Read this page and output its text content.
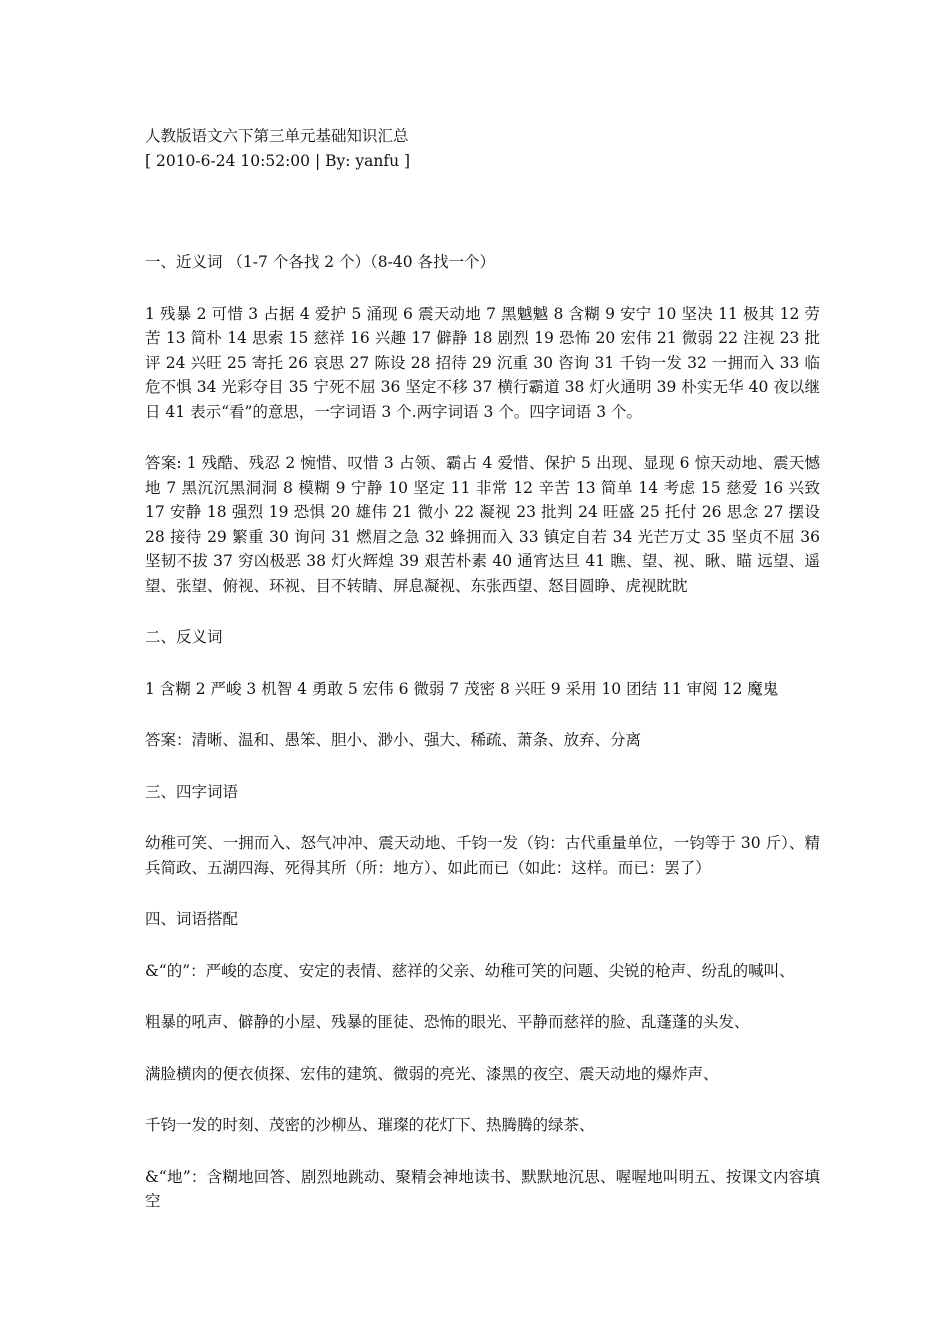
人教版语文六下第三单元基础知识汇总
[ 2010-6-24 10:52:00 | By: yanfu ]
一、近义词 （1-7 个各找 2 个）（8-40 各找一个）

1 残暴 2 可惜 3 占据 4 爱护 5 涌现 6 震天动地 7 黑魆魆 8 含糊 9 安宁 10 坚决 11 极其 12 劳苦 13 简朴 14 思索 15 慈祥 16 兴趣 17 僻静 18 剧烈 19 恐怖 20 宏伟 21 微弱 22 注视 23 批评 24 兴旺 25 寄托 26 哀思 27 陈设 28 招待 29 沉重 30 咨询 31 千钧一发 32 一拥而入 33 临危不惧 34 光彩夺目 35 宁死不屈 36 坚定不移 37 横行霸道 38 灯火通明 39 朴实无华 40 夜以继日 41 表示“看”的意思，一字词语 3 个.两字词语 3 个。四字词语 3 个。

答案: 1 残酷、残忍 2 惋惜、叹惜 3 占领、霸占 4 爱惜、保护 5 出现、显现 6 惊天动地、震天憾地 7 黑沉沉黑洞洞 8 模糊 9 宁静 10 坚定 11 非常 12 辛苦 13 简单 14 考虑 15 慈爱 16 兴致 17 安静 18 强烈 19 恐惧 20 雄伟 21 微小 22 凝视 23 批判 24 旺盛 25 托付 26 思念 27 摆设 28 接待 29 繁重 30 询问 31 燃眉之急 32 蜂拥而入 33 镇定自若 34 光芒万丈 35 坚贞不屈 36 坚韧不拔 37 穷凶极恶 38 灯火辉煌 39 艰苦朴素 40 通宵达旦 41 瞧、望、视、瞅、瞄 远望、遥望、张望、俯视、环视、目不转睛、屏息凝视、东张西望、怒目圆睁、虎视眈眈

二、反义词

1 含糊 2 严峻 3 机智 4 勇敢 5 宏伟 6 微弱 7 茂密 8 兴旺 9 采用 10 团结 11 审阅 12 魔鬼

答案：清晰、温和、愚笨、胆小、渺小、强大、稀疏、萧条、放弃、分离

三、四字词语

幼稚可笑、一拥而入、怒气冲冲、震天动地、千钧一发（钧：古代重量单位，一钧等于 30 斤）、精兵简政、五湖四海、死得其所（所：地方）、如此而已（如此：这样。而已：罢了）

四、词语搭配

&“的”：严峻的态度、安定的表情、慈祥的父亲、幼稚可笑的问题、尖锐的枪声、纷乱的喊叫、

粗暴的吼声、僻静的小屋、残暴的匪徒、恐怖的眼光、平静而慈祥的脸、乱蓬蓬的头发、

满脸横肉的便衣侦探、宏伟的建筑、微弱的亮光、漆黑的夜空、震天动地的爆炸声、

千钧一发的时刻、茂密的沙柳丛、璀璨的花灯下、热腾腾的绿茶、

&“地”：含糊地回答、剧烈地跳动、聚精会神地读书、默默地沉思、喔喔地叫明五、按课文内容填空
